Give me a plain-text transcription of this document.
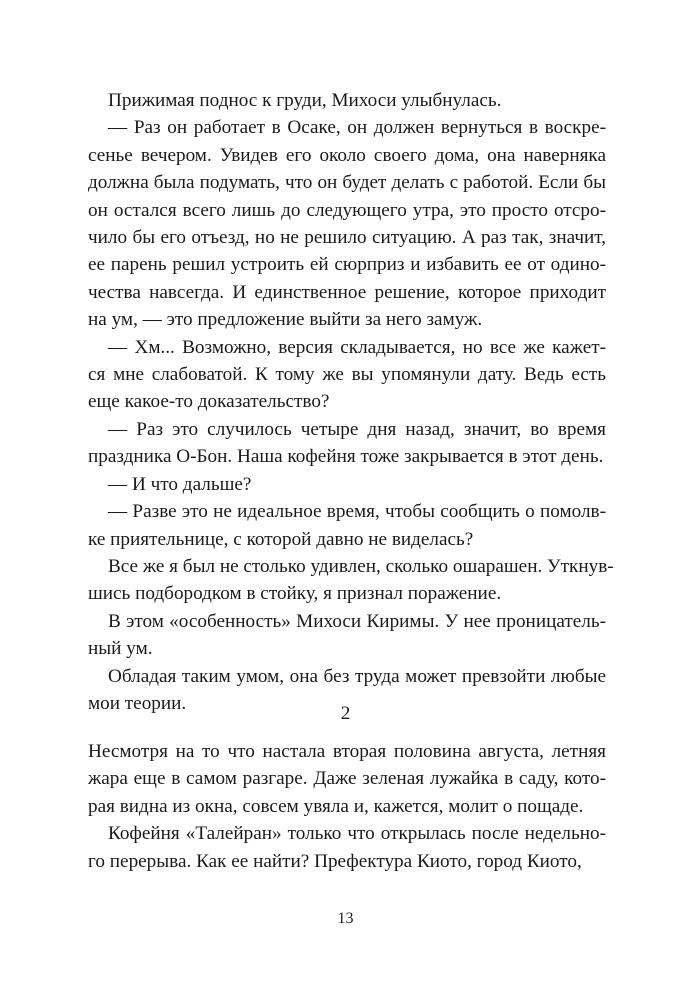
Прижимая поднос к груди, Михоси улыбнулась.
— Раз он работает в Осаке, он должен вернуться в воскре-
сенье вечером. Увидев его около своего дома, она наверняка
должна была подумать, что он будет делать с работой. Если бы
он остался всего лишь до следующего утра, это просто отсро-
чило бы его отъезд, но не решило ситуацию. А раз так, значит,
ее парень решил устроить ей сюрприз и избавить ее от одино-
чества навсегда. И единственное решение, которое приходит
на ум, — это предложение выйти за него замуж.
— Хм... Возможно, версия складывается, но все же кажет-
ся мне слабоватой. К тому же вы упомянули дату. Ведь есть
еще какое-то доказательство?
— Раз это случилось четыре дня назад, значит, во время
праздника О-Бон. Наша кофейня тоже закрывается в этот день.
— И что дальше?
— Разве это не идеальное время, чтобы сообщить о помолв-
ке приятельнице, с которой давно не виделась?
Все же я был не столько удивлен, сколько ошарашен. Уткнув-
шись подбородком в стойку, я признал поражение.
В этом «особенность» Михоси Киримы. У нее проницатель-
ный ум.
Обладая таким умом, она без труда может превзойти любые
мои теории.	2
Несмотря на то что настала вторая половина августа, летняя
жара еще в самом разгаре. Даже зеленая лужайка в саду, кото-
рая видна из окна, совсем увяла и, кажется, молит о пощаде.
Кофейня «Талейран» только что открылась после недельно-
го перерыва. Как ее найти? Префектура Киото, город Киото,
13
